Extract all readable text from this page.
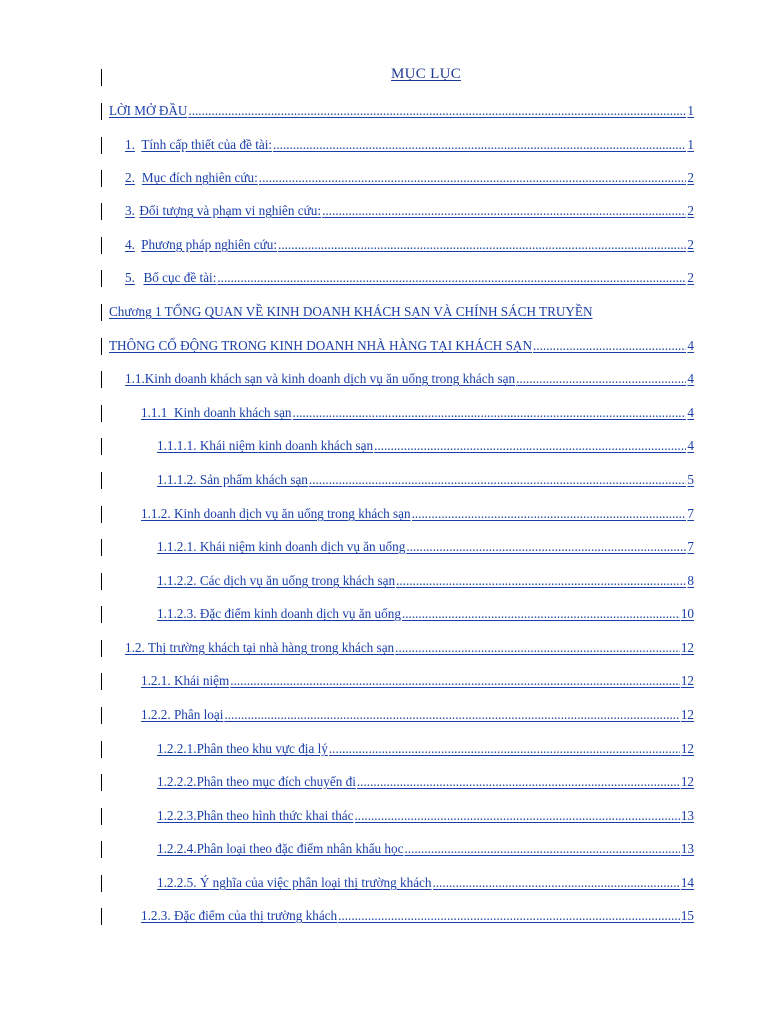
MỤC LỤC
LỜI MỞ ĐẦU .....	1
1. Tính cấp thiết của đề tài: .....	1
2. Mục đích nghiên cứu: .....	2
3. Đối tượng và phạm vi nghiên cứu: .....	2
4. Phương pháp nghiên cứu: .....	2
5. Bố cục đề tài: .....	2
Chương 1 TỔNG QUAN VỀ KINH DOANH KHÁCH SẠN VÀ CHÍNH SÁCH TRUYỀN
THÔNG CỔ ĐỘNG TRONG KINH DOANH NHÀ HÀNG TẠI KHÁCH SẠN .....	4
1.1. Kinh doanh khách sạn và kinh doanh dịch vụ ăn uống trong khách sạn .....	4
1.1.1  Kinh doanh khách sạn .....	4
1.1.1.1. Khái niệm kinh doanh khách sạn .....	4
1.1.1.2. Sản phẩm khách sạn .....	5
1.1.2. Kinh doanh dịch vụ ăn uống trong khách sạn .....	7
1.1.2.1. Khái niệm kinh doanh dịch vụ ăn uống .....	7
1.1.2.2. Các dịch vụ ăn uống trong khách sạn .....	8
1.1.2.3. Đặc điểm kinh doanh dịch vụ ăn uống .....	10
1.2. Thị trường khách tại nhà hàng trong khách sạn .....	12
1.2.1. Khái niệm .....	12
1.2.2. Phân loại .....	12
1.2.2.1. Phân theo khu vực địa lý .....	12
1.2.2.2. Phân theo mục đích chuyến đi .....	12
1.2.2.3. Phân theo hình thức khai thác .....	13
1.2.2.4. Phân loại theo đặc điểm nhân khẩu học .....	13
1.2.2.5. Ý nghĩa của việc phân loại thị trường khách .....	14
1.2.3. Đặc điểm của thị trường khách .....	15
